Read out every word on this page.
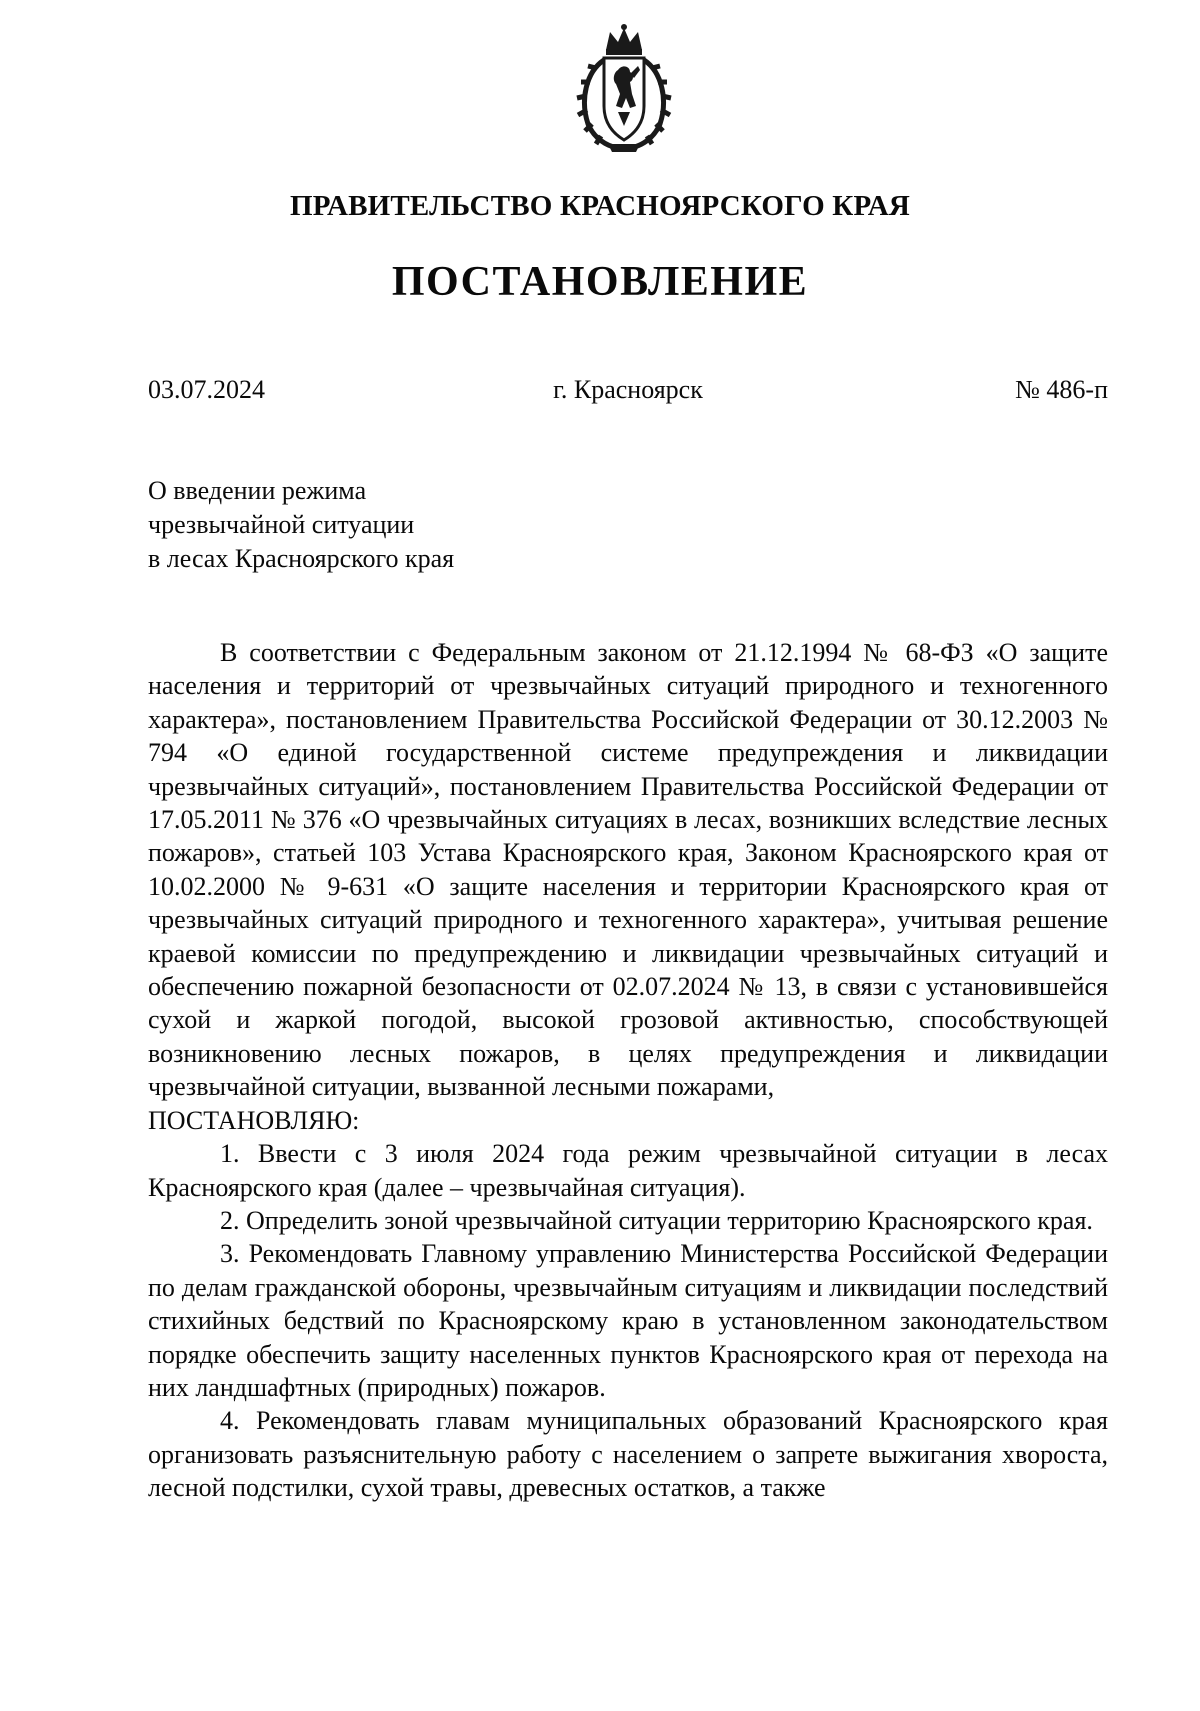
ПРАВИТЕЛЬСТВО КРАСНОЯРСКОГО КРАЯ
ПОСТАНОВЛЕНИЕ
03.07.2024	г. Красноярск	№ 486-п
О введении режима
чрезвычайной ситуации
в лесах Красноярского края

В соответствии с Федеральным законом от 21.12.1994 № 68-ФЗ «О защите населения и территорий от чрезвычайных ситуаций природного и техногенного характера», постановлением Правительства Российской Федерации от 30.12.2003 № 794 «О единой государственной системе предупреждения и ликвидации чрезвычайных ситуаций», постановлением Правительства Российской Федерации от 17.05.2011 № 376 «О чрезвычайных ситуациях в лесах, возникших вследствие лесных пожаров», статьей 103 Устава Красноярского края, Законом Красноярского края от 10.02.2000 № 9-631 «О защите населения и территории Красноярского края от чрезвычайных ситуаций природного и техногенного характера», учитывая решение краевой комиссии по предупреждению и ликвидации чрезвычайных ситуаций и обеспечению пожарной безопасности от 02.07.2024 № 13, в связи с установившейся сухой и жаркой погодой, высокой грозовой активностью, способствующей возникновению лесных пожаров, в целях предупреждения и ликвидации чрезвычайной ситуации, вызванной лесными пожарами,
ПОСТАНОВЛЯЮ:

1. Ввести с 3 июля 2024 года режим чрезвычайной ситуации в лесах Красноярского края (далее – чрезвычайная ситуация).

2. Определить зоной чрезвычайной ситуации территорию Красноярского края.

3. Рекомендовать Главному управлению Министерства Российской Федерации по делам гражданской обороны, чрезвычайным ситуациям и ликвидации последствий стихийных бедствий по Красноярскому краю в установленном законодательством порядке обеспечить защиту населенных пунктов Красноярского края от перехода на них ландшафтных (природных) пожаров.

4. Рекомендовать главам муниципальных образований Красноярского края организовать разъяснительную работу с населением о запрете выжигания хвороста, лесной подстилки, сухой травы, древесных остатков, а также
